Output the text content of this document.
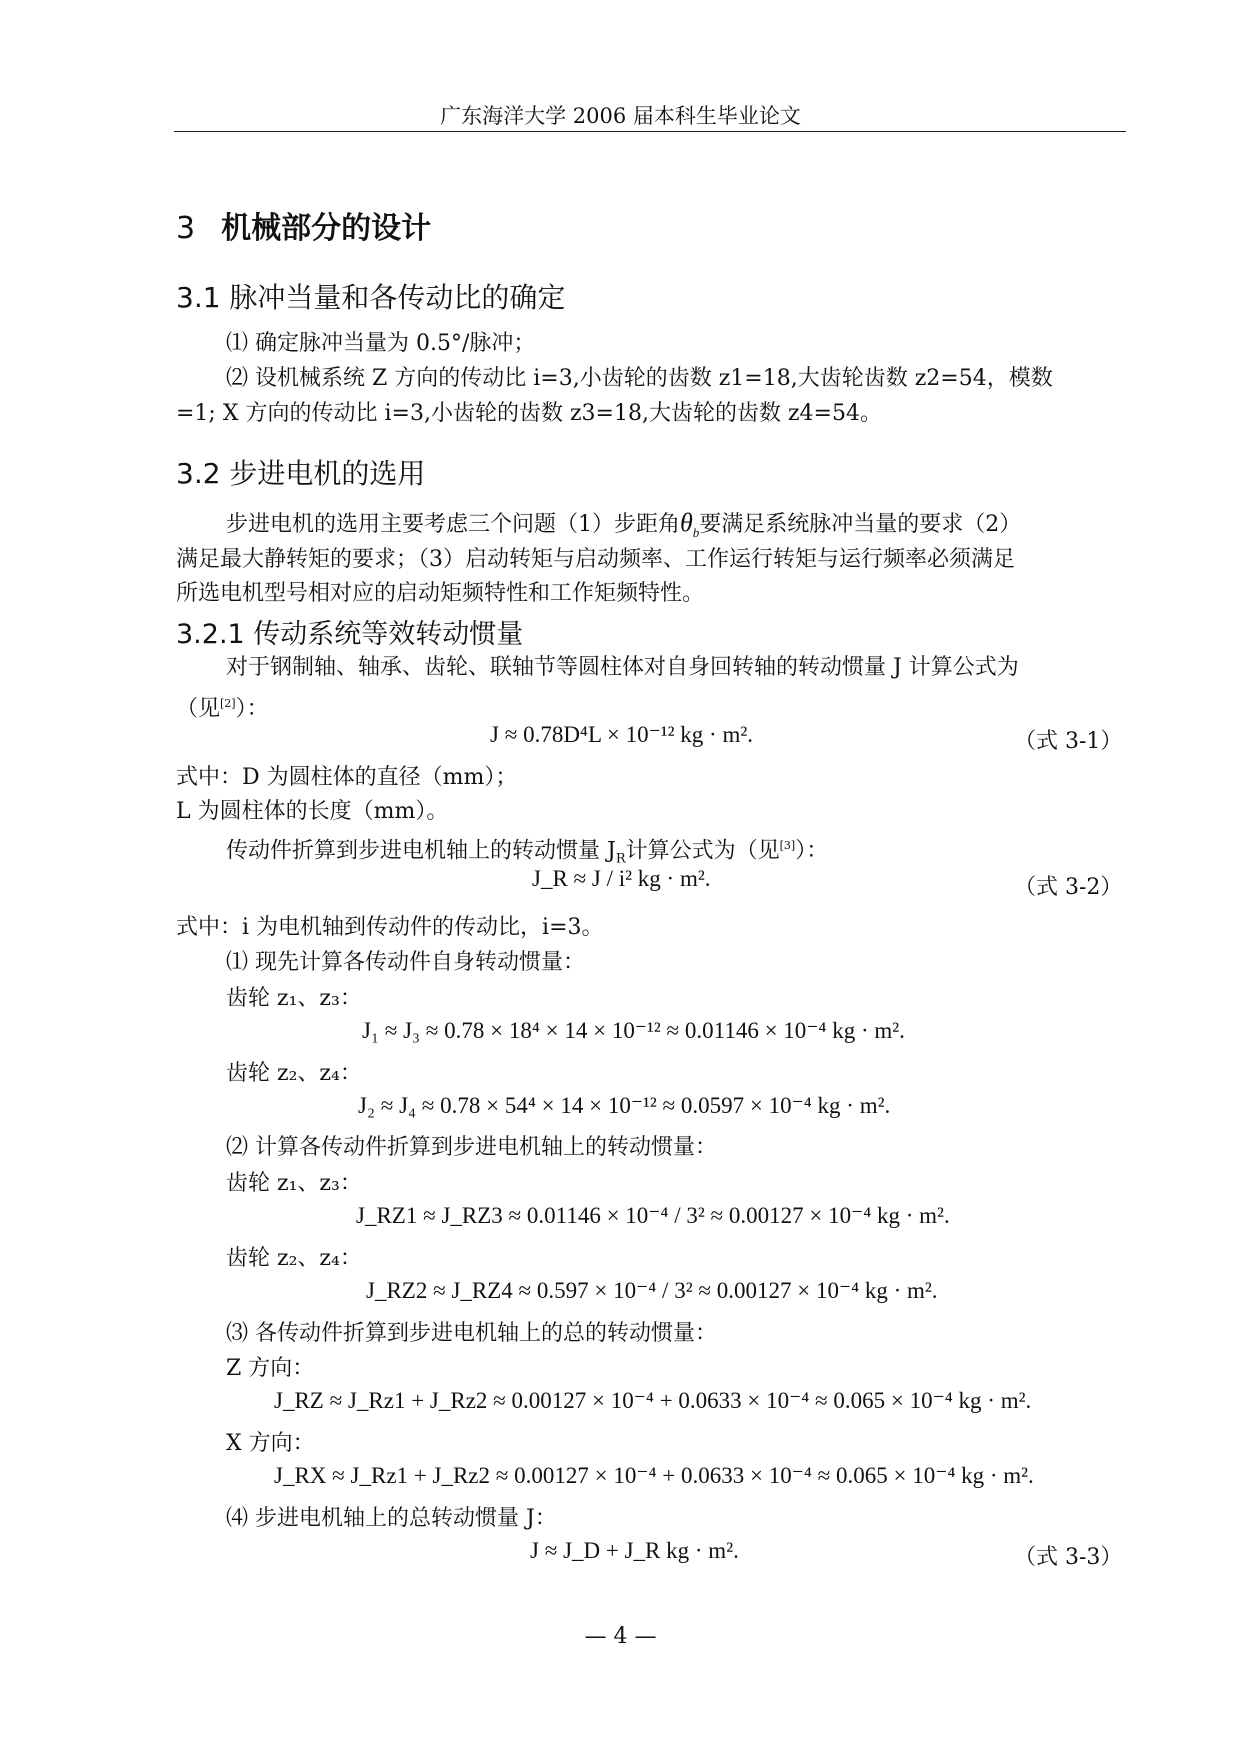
广东海洋大学 2006 届本科生毕业论文
3 机械部分的设计
3.1 脉冲当量和各传动比的确定
⑴ 确定脉冲当量为 0.5°/脉冲；
⑵ 设机械系统 Z 方向的传动比 i=3,小齿轮的齿数 z1=18,大齿轮齿数 z2=54，模数
=1; X 方向的传动比 i=3,小齿轮的齿数 z3=18,大齿轮的齿数 z4=54。
3.2 步进电机的选用
步进电机的选用主要考虑三个问题（1）步距角$\theta_b$要满足系统脉冲当量的要求（2）
满足最大静转矩的要求；（3）启动转矩与启动频率、工作运行转矩与运行频率必须满足
所选电机型号相对应的启动矩频特性和工作矩频特性。
3.2.1 传动系统等效转动惯量
对于钢制轴、轴承、齿轮、联轴节等圆柱体对自身回转轴的转动惯量 J 计算公式为
（见[2]）：
J ≈ 0.78D⁴L × 10⁻¹² kg · m².	（式 3-1）
式中：D 为圆柱体的直径（mm）；
L 为圆柱体的长度（mm）。
传动件折算到步进电机轴上的转动惯量 $J_R$计算公式为（见[3]）：
J_R ≈ J / i² kg · m².	（式 3-2）
式中：i 为电机轴到传动件的传动比，i=3。
⑴ 现先计算各传动件自身转动惯量：
齿轮 z₁、z₃：
J₁ ≈ J₃ ≈ 0.78 × 18⁴ × 14 × 10⁻¹² ≈ 0.01146 × 10⁻⁴ kg · m².
齿轮 z₂、z₄：
J₂ ≈ J₄ ≈ 0.78 × 54⁴ × 14 × 10⁻¹² ≈ 0.0597 × 10⁻⁴ kg · m².
⑵ 计算各传动件折算到步进电机轴上的转动惯量：
齿轮 z₁、z₃：
J_RZ1 ≈ J_RZ3 ≈ 0.01146 × 10⁻⁴ / 3² ≈ 0.00127 × 10⁻⁴ kg · m².
齿轮 z₂、z₄：
J_RZ2 ≈ J_RZ4 ≈ 0.597 × 10⁻⁴ / 3² ≈ 0.00127 × 10⁻⁴ kg · m².
⑶ 各传动件折算到步进电机轴上的总的转动惯量：
Z 方向：
J_RZ ≈ J_Rz1 + J_Rz2 ≈ 0.00127 × 10⁻⁴ + 0.0633 × 10⁻⁴ ≈ 0.065 × 10⁻⁴ kg · m².
X 方向：
J_RX ≈ J_Rz1 + J_Rz2 ≈ 0.00127 × 10⁻⁴ + 0.0633 × 10⁻⁴ ≈ 0.065 × 10⁻⁴ kg · m².
⑷ 步进电机轴上的总转动惯量 J：
J ≈ J_D + J_R kg · m².	（式 3-3）
— 4 —
